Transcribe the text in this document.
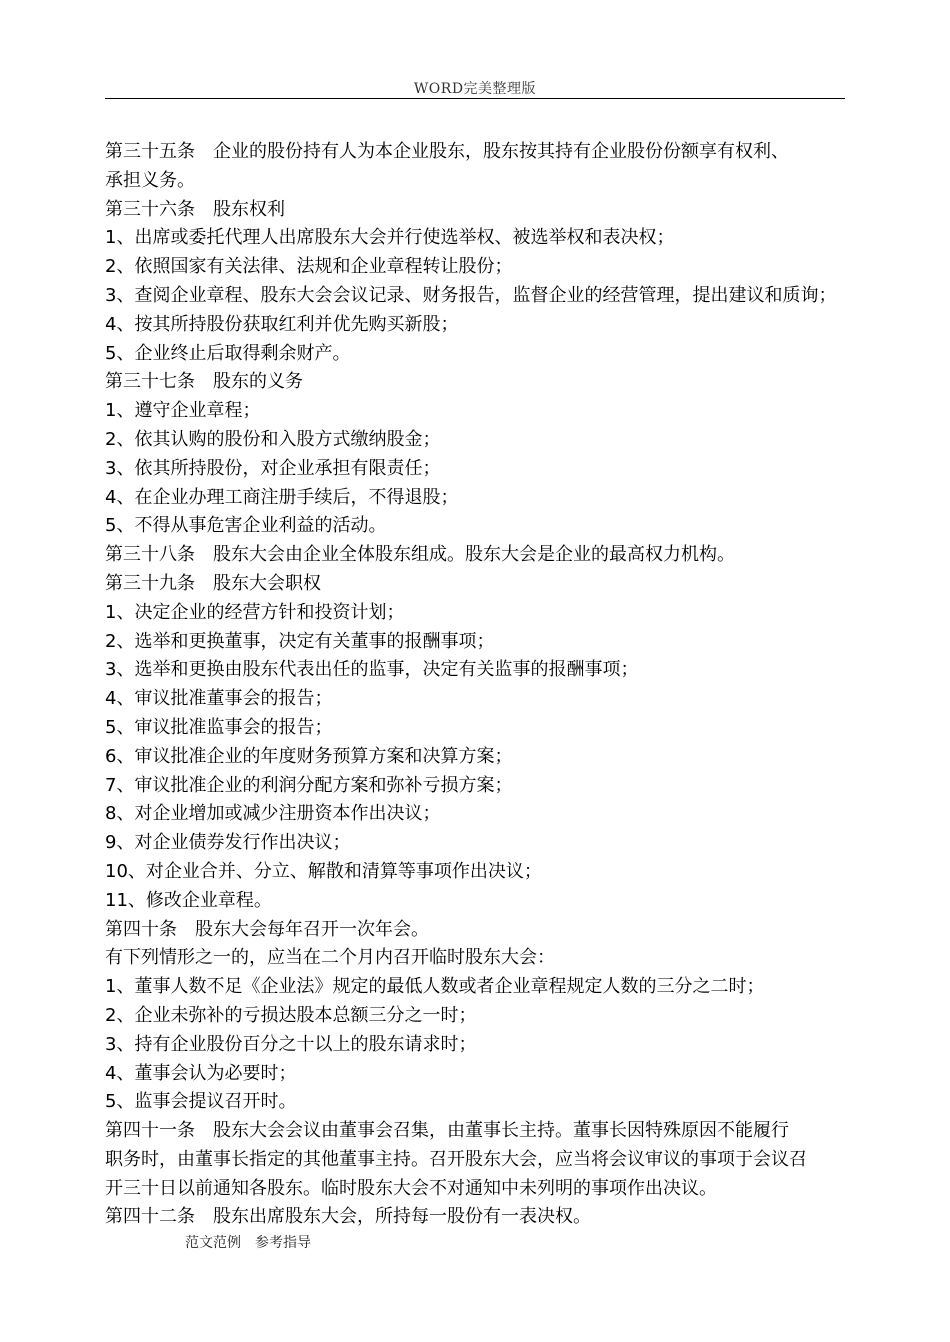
WORD完美整理版
第三十五条　企业的股份持有人为本企业股东，股东按其持有企业股份份额享有权利、
承担义务。
第三十六条　股东权利
1、出席或委托代理人出席股东大会并行使选举权、被选举权和表决权；
2、依照国家有关法律、法规和企业章程转让股份；
3、查阅企业章程、股东大会会议记录、财务报告，监督企业的经营管理，提出建议和质询；
4、按其所持股份获取红利并优先购买新股；
5、企业终止后取得剩余财产。
第三十七条　股东的义务
1、遵守企业章程；
2、依其认购的股份和入股方式缴纳股金；
3、依其所持股份，对企业承担有限责任；
4、在企业办理工商注册手续后，不得退股；
5、不得从事危害企业利益的活动。
第三十八条　股东大会由企业全体股东组成。股东大会是企业的最高权力机构。
第三十九条　股东大会职权
1、决定企业的经营方针和投资计划；
2、选举和更换董事，决定有关董事的报酬事项；
3、选举和更换由股东代表出任的监事，决定有关监事的报酬事项；
4、审议批准董事会的报告；
5、审议批准监事会的报告；
6、审议批准企业的年度财务预算方案和决算方案；
7、审议批准企业的利润分配方案和弥补亏损方案；
8、对企业增加或减少注册资本作出决议；
9、对企业债券发行作出决议；
10、对企业合并、分立、解散和清算等事项作出决议；
11、修改企业章程。
第四十条　股东大会每年召开一次年会。
有下列情形之一的，应当在二个月内召开临时股东大会：
1、董事人数不足《企业法》规定的最低人数或者企业章程规定人数的三分之二时；
2、企业未弥补的亏损达股本总额三分之一时；
3、持有企业股份百分之十以上的股东请求时；
4、董事会认为必要时；
5、监事会提议召开时。
第四十一条　股东大会会议由董事会召集，由董事长主持。董事长因特殊原因不能履行
职务时，由董事长指定的其他董事主持。召开股东大会，应当将会议审议的事项于会议召
开三十日以前通知各股东。临时股东大会不对通知中未列明的事项作出决议。
第四十二条　股东出席股东大会，所持每一股份有一表决权。
范文范例　参考指导
